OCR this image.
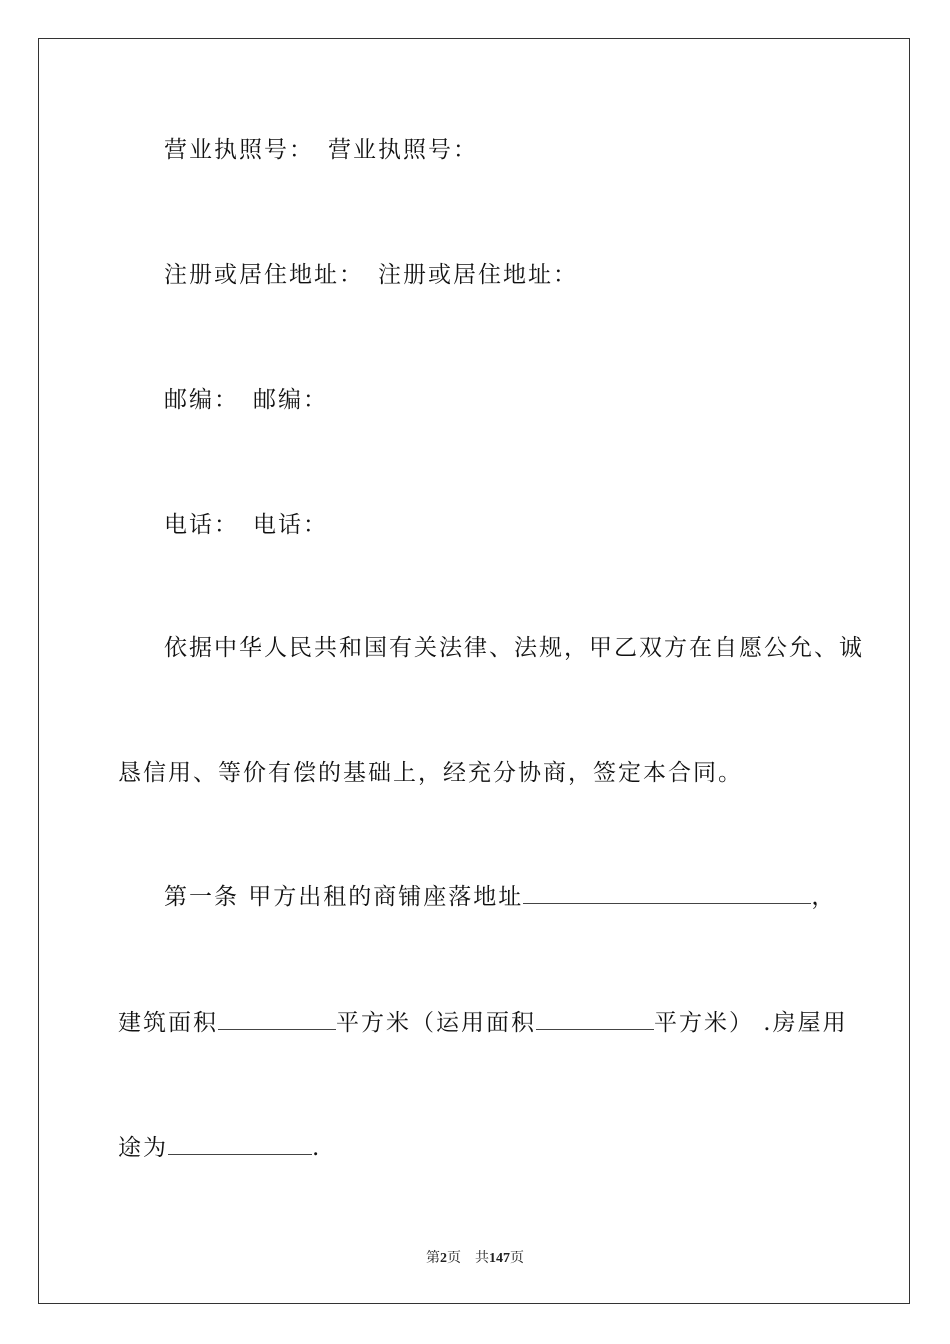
营业执照号： 营业执照号：
注册或居住地址： 注册或居住地址：
邮编： 邮编：
电话： 电话：
依据中华人民共和国有关法律、法规，甲乙双方在自愿公允、诚
恳信用、等价有偿的基础上，经充分协商，签定本合同。
第一条 甲方出租的商铺座落地址	，
建筑面积	平方米（运用面积	平方米） .房屋用
途为	.
第2页　共147页
